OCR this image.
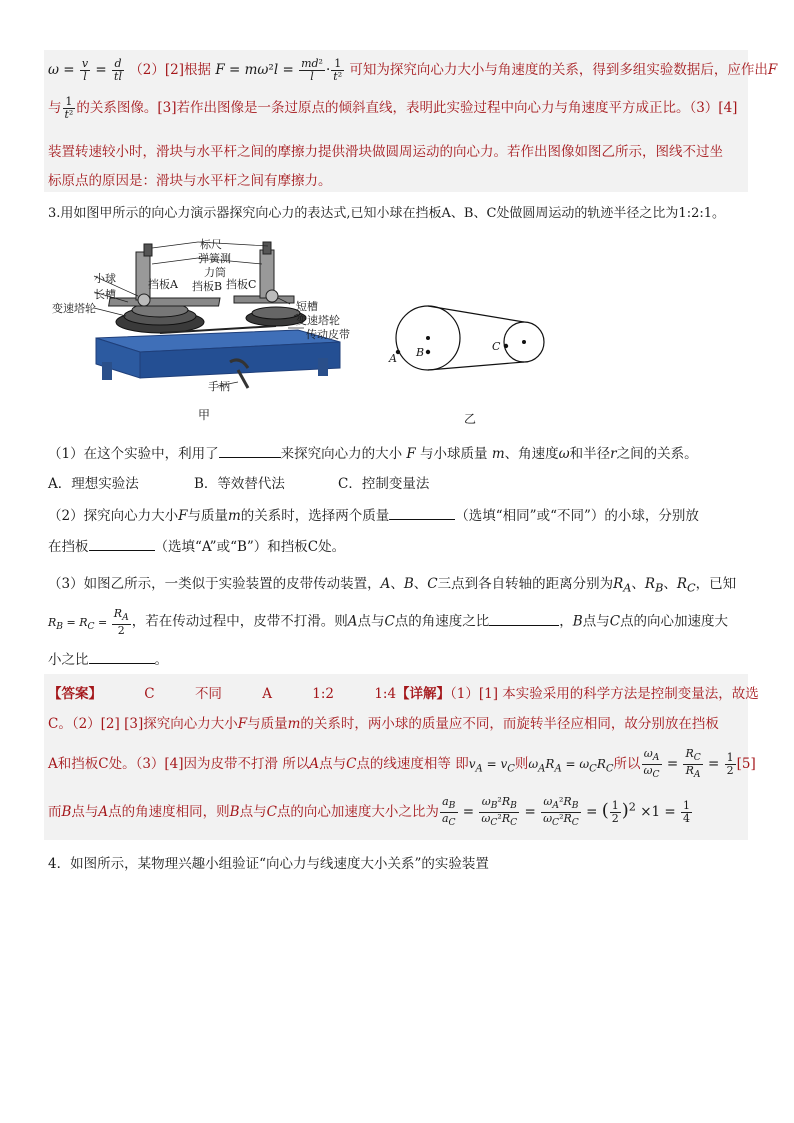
$\omega = \frac{v}{l} = \frac{d}{tl} (2)[2]$根据 $F = m\omega^2l = \frac{\text{md²}}{l} \cdot \frac{1}{\text{t²}}$ 可知为探究向心力大小与角速度的关系，得到多组实验数据后，应作出F
与 $\frac{1}{\text{t²}}$ 的关系图像。[3]若作出图像是一条过原点的倾斜直线，表明此实验过程中向心力与角速度平方成正比。（3）[4]
装置转速较小时，滑块与水平杆之间的摩擦力提供滑块做圆周运动的向心力。若作出图像如图乙所示，图线不过坐
标原点的原因是：滑块与水平杆之间有摩擦力。
3.用如图甲所示的向心力演示器探究向心力的表达式,已知小球在挡板A、B、C处做圆周运动的轨迹半径之比为1:2:1。
标尺
弹簧测
力筒
小球	挡板A 挡板B 挡板C
长槽
变速塔轮	短槽
变速塔轮
传动皮带
手柄
甲
A B	C
乙
（1）在这个实验中，利用了	来探究向心力的大小 F 与小球质量 m、角速度ω和半径r之间的关系。
A．理想实验法	B．等效替代法	C．控制变量法
（2）探究向心力大小F与质量m的关系时，选择两个质量	（选填“相同”或“不同”）的小球，分别放
在挡板	（选填“A”或“B”）和挡板C处。
（3）如图乙所示，一类似于实验装置的皮带传动装置，A、B、C三点到各自转轴的距离分别为$R_A$、$R_B$、$R_C$，已知
$R_B = R_C = \frac{R_A}{2}$ ，若在传动过程中，皮带不打滑。则A点与C点的角速度之比	，B点与C点的向心加速度大
小之比	。
【答案】	C	不同	A	1:2	1:4【详解】（1）[1] 本实验采用的科学方法是控制变量法，故选
C。（2）[2] [3]探究向心力大小F与质量m的关系时，两小球的质量应不同，而旋转半径应相同，故分别放在挡板
A和挡板C处。（3）[4]因为皮带不打滑 所以A点与C点的线速度相等 即$v_A = v_C$则$\omega_AR_A = \omega_CR_C$所以 $\frac{\omega_A}{\omega_C} = \frac{R_C}{R_A} = \frac{1}{2} [5]$
而B点与A点的角速度相同，则B点与C点的向心加速度大小之比为 $\frac{a_B}{a_C} = \frac{\omega_B^2R_B}{\omega_C^2R_C} = \frac{\omega_A^2R_B}{\omega_C^2R_C}$ = ( $\frac{1}{2} )^2 \times 1 = \frac{1}{4}$
4．如图所示，某物理兴趣小组验证“向心力与线速度大小关系”的实验装置
